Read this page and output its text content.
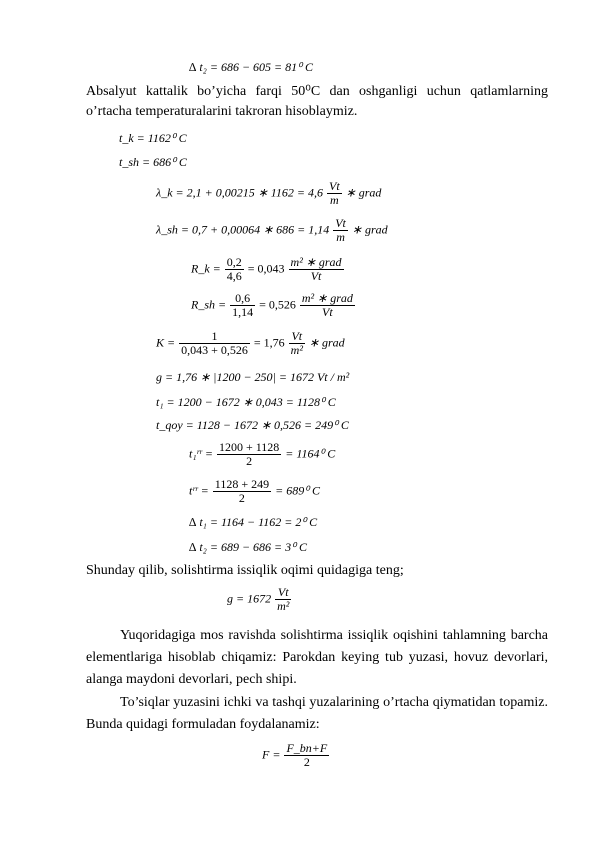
∆ t₂ = 686 − 605 = 81⁰ C
Absalyut kattalik bo’yicha farqi 50⁰C dan oshganligi uchun qatlamlarning o’rtacha temperaturalarini takroran hisoblaymiz.
t_k = 1162⁰ C
t_sh = 686⁰ C
λ_k = 2,1 + 0,00215 ∗ $1162 = 4,6 \frac{Vt}{m}$ ∗ grad
λ_sh = 0,7 + 0,00064 ∗ $686 = 1,14 \frac{Vt}{m}$ ∗ grad
R_k = $\frac{0,2}{4,6} = 0,043 \frac{\text{m² ∗ grad}}{Vt}$
R_sh = $\frac{0,6}{1,14} = 0,526 \frac{\text{m² ∗ grad}}{Vt}$
$K = \frac{1}{0,043 + 0,526} = 1,76 \frac{Vt}{\text{m²}}$ ∗ grad
g = 1,76 ∗ |1200 − 250| = 1672 Vt / m²
t₁ = 1200 − 1672 ∗ 0,043 = 1128⁰ C
t_qoy = 1128 − 1672 ∗ 0,526 = 249⁰ C
t₁ʳʳ = $\frac{1200 + 1128}{2} = 1164^0$ C
tʳʳ = $\frac{1128 + 249}{2} = 689^0$ C
∆ t₁ = 1164 − 1162 = 2⁰ C
∆ t₂ = 689 − 686 = 3⁰ C
Shunday qilib, solishtirma issiqlik oqimi quidagiga teng;
$g = 1672 \frac{Vt}{\text{m²}}$
Yuqoridagiga mos ravishda solishtirma issiqlik oqishini tahlamning barcha elementlariga hisoblab chiqamiz: Parokdan keying tub yuzasi, hovuz devorlari, alanga maydoni devorlari, pech shipi.
To’siqlar yuzasini ichki va tashqi yuzalarining o’rtacha qiymatidan topamiz. Bunda quidagi formuladan foydalanamiz:
$F = \frac{F\_bn+F}{2}$
